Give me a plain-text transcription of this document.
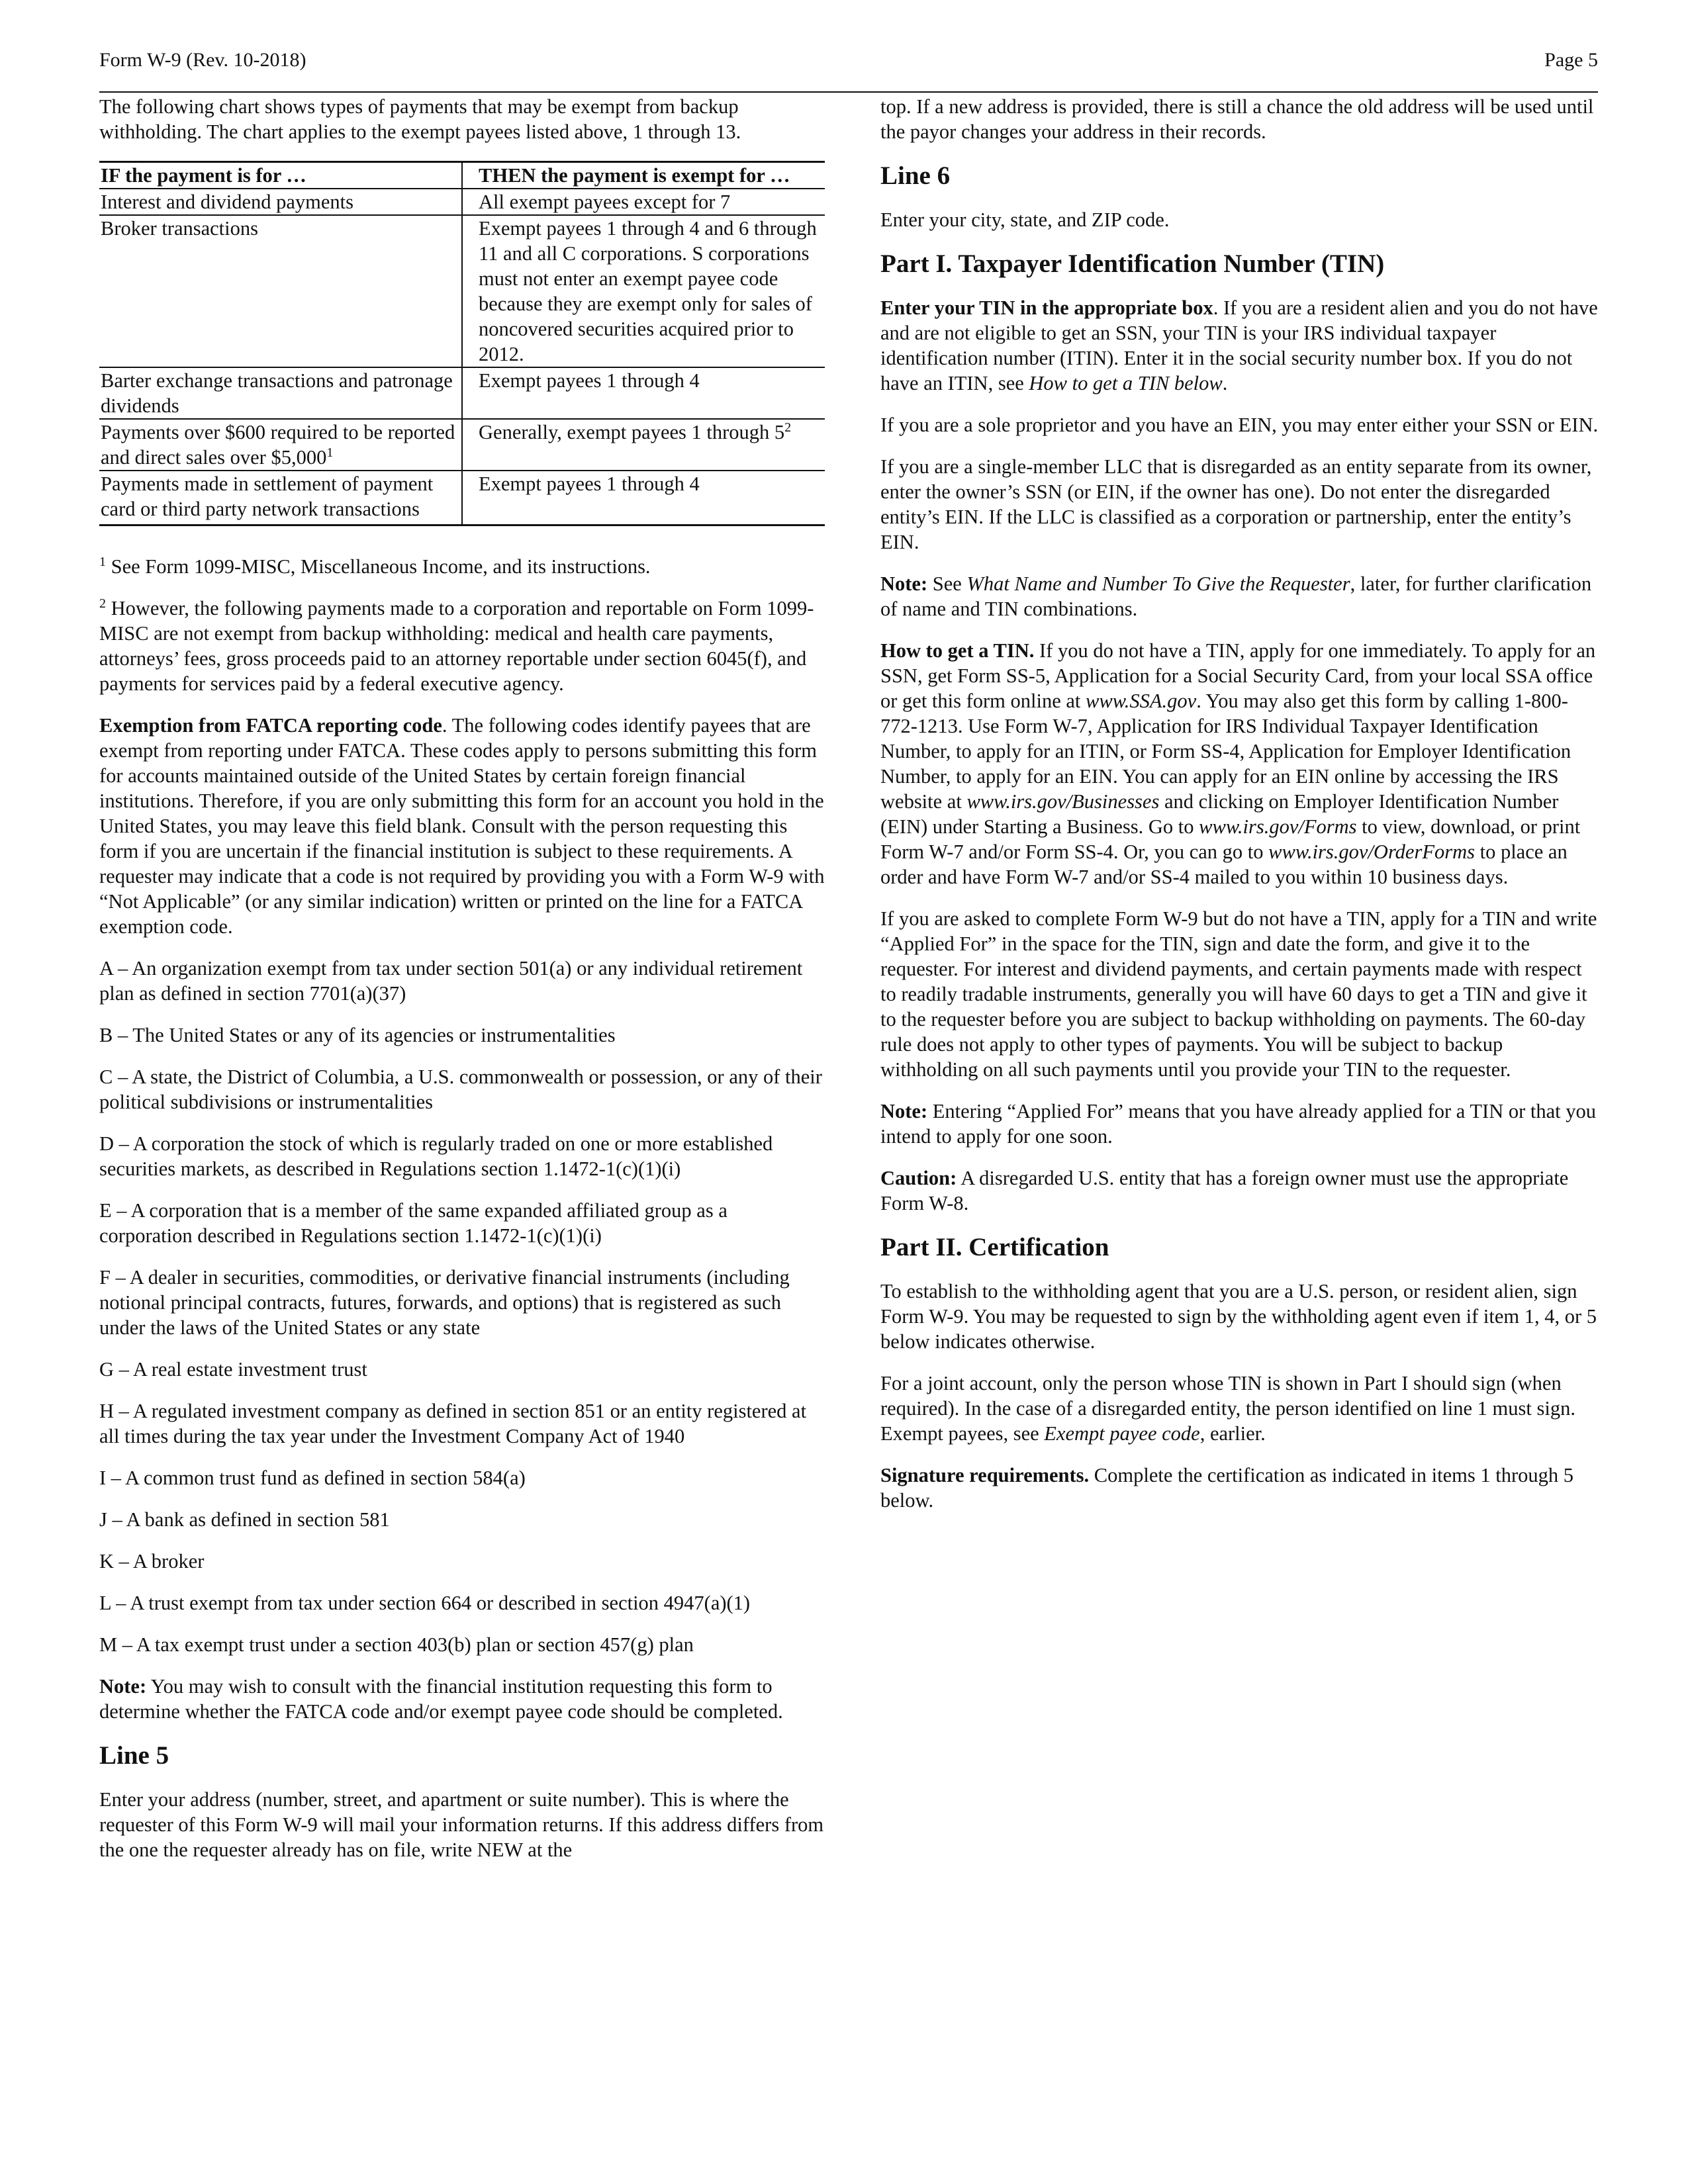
Form W-9 (Rev. 10-2018)	Page 5

The following chart shows types of payments that may be exempt from backup withholding. The chart applies to the exempt payees listed above, 1 through 13.

IF the payment is for …	THEN the payment is exempt for …
Interest and dividend payments	All exempt payees except for 7
Broker transactions	Exempt payees 1 through 4 and 6 through 11 and all C corporations. S corporations must not enter an exempt payee code because they are exempt only for sales of noncovered securities acquired prior to 2012.
Barter exchange transactions and patronage dividends	Exempt payees 1 through 4
Payments over $600 required to be reported and direct sales over $5,000$^1$	Generally, exempt payees 1 through $5^2$
Payments made in settlement of payment card or third party network transactions	Exempt payees 1 through 4

$^1$ See Form 1099-MISC, Miscellaneous Income, and its instructions.

$^2$ However, the following payments made to a corporation and reportable on Form 1099-MISC are not exempt from backup withholding: medical and health care payments, attorneys’ fees, gross proceeds paid to an attorney reportable under section 6045(f), and payments for services paid by a federal executive agency.

Exemption from FATCA reporting code. The following codes identify payees that are exempt from reporting under FATCA. These codes apply to persons submitting this form for accounts maintained outside of the United States by certain foreign financial institutions. Therefore, if you are only submitting this form for an account you hold in the United States, you may leave this field blank. Consult with the person requesting this form if you are uncertain if the financial institution is subject to these requirements. A requester may indicate that a code is not required by providing you with a Form W-9 with “Not Applicable” (or any similar indication) written or printed on the line for a FATCA exemption code.

A – An organization exempt from tax under section 501(a) or any individual retirement plan as defined in section 7701(a)(37)

B – The United States or any of its agencies or instrumentalities

C – A state, the District of Columbia, a U.S. commonwealth or possession, or any of their political subdivisions or instrumentalities

D – A corporation the stock of which is regularly traded on one or more established securities markets, as described in Regulations section 1.1472-1(c)(1)(i)

E – A corporation that is a member of the same expanded affiliated group as a corporation described in Regulations section 1.1472-1(c)(1)(i)

F – A dealer in securities, commodities, or derivative financial instruments (including notional principal contracts, futures, forwards, and options) that is registered as such under the laws of the United States or any state

G – A real estate investment trust

H – A regulated investment company as defined in section 851 or an entity registered at all times during the tax year under the Investment Company Act of 1940

I – A common trust fund as defined in section 584(a)

J – A bank as defined in section 581

K – A broker

L – A trust exempt from tax under section 664 or described in section 4947(a)(1)

M – A tax exempt trust under a section 403(b) plan or section 457(g) plan

Note: You may wish to consult with the financial institution requesting this form to determine whether the FATCA code and/or exempt payee code should be completed.

Line 5

Enter your address (number, street, and apartment or suite number). This is where the requester of this Form W-9 will mail your information returns. If this address differs from the one the requester already has on file, write NEW at the

top. If a new address is provided, there is still a chance the old address will be used until the payor changes your address in their records.

Line 6

Enter your city, state, and ZIP code.

Part I. Taxpayer Identification Number (TIN)

Enter your TIN in the appropriate box. If you are a resident alien and you do not have and are not eligible to get an SSN, your TIN is your IRS individual taxpayer identification number (ITIN). Enter it in the social security number box. If you do not have an ITIN, see How to get a TIN below.

If you are a sole proprietor and you have an EIN, you may enter either your SSN or EIN.

If you are a single-member LLC that is disregarded as an entity separate from its owner, enter the owner’s SSN (or EIN, if the owner has one). Do not enter the disregarded entity’s EIN. If the LLC is classified as a corporation or partnership, enter the entity’s EIN.

Note: See What Name and Number To Give the Requester, later, for further clarification of name and TIN combinations.

How to get a TIN. If you do not have a TIN, apply for one immediately. To apply for an SSN, get Form SS-5, Application for a Social Security Card, from your local SSA office or get this form online at www.SSA.gov. You may also get this form by calling 1-800-772-1213. Use Form W-7, Application for IRS Individual Taxpayer Identification Number, to apply for an ITIN, or Form SS-4, Application for Employer Identification Number, to apply for an EIN. You can apply for an EIN online by accessing the IRS website at www.irs.gov/Businesses and clicking on Employer Identification Number (EIN) under Starting a Business. Go to www.irs.gov/Forms to view, download, or print Form W-7 and/or Form SS-4. Or, you can go to www.irs.gov/OrderForms to place an order and have Form W-7 and/or SS-4 mailed to you within 10 business days.

If you are asked to complete Form W-9 but do not have a TIN, apply for a TIN and write “Applied For” in the space for the TIN, sign and date the form, and give it to the requester. For interest and dividend payments, and certain payments made with respect to readily tradable instruments, generally you will have 60 days to get a TIN and give it to the requester before you are subject to backup withholding on payments. The 60-day rule does not apply to other types of payments. You will be subject to backup withholding on all such payments until you provide your TIN to the requester.

Note: Entering “Applied For” means that you have already applied for a TIN or that you intend to apply for one soon.

Caution: A disregarded U.S. entity that has a foreign owner must use the appropriate Form W-8.

Part II. Certification

To establish to the withholding agent that you are a U.S. person, or resident alien, sign Form W-9. You may be requested to sign by the withholding agent even if item 1, 4, or 5 below indicates otherwise.

For a joint account, only the person whose TIN is shown in Part I should sign (when required). In the case of a disregarded entity, the person identified on line 1 must sign. Exempt payees, see Exempt payee code, earlier.

Signature requirements. Complete the certification as indicated in items 1 through 5 below.
